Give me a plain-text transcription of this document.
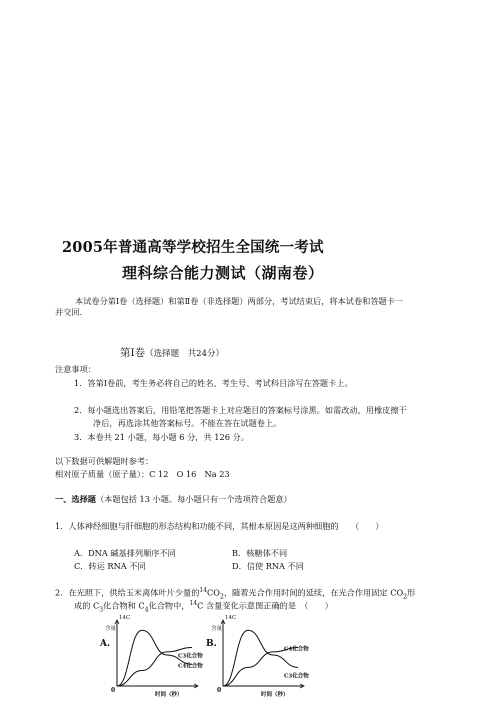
2005年普通高等学校招生全国统一考试
理科综合能力测试（湖南卷）

本试卷分第Ⅰ卷（选择题）和第Ⅱ卷（非选择题）两部分，考试结束后，将本试卷和答题卡一

并交回.
第Ⅰ卷（选择题　共24分）
注意事项：
1．答第Ⅰ卷前，考生务必将自己的姓名、考生号、考试科目涂写在答题卡上。
2．每小题选出答案后，用铅笔把答题卡上对应题目的答案标号涂黑。如需改动，用橡皮擦干
净后，再选涂其他答案标号。不能在答在试题卷上。
3．本卷共 21 小题，每小题 6 分，共 126 分。
以下数据可供解题时参考：
相对原子质量（原子量）：C 12　O 16　Na 23
一、选择题（本题包括 13 小题。每小题只有一个选项符合题意）
1．人体神经细胞与肝细胞的形态结构和功能不同，其根本原因是这两种细胞的　　（　　）
A．DNA 碱基排列顺序不同	B．核糖体不同
C．转运 RNA 不同	D．信使 RNA 不同
2．在光照下，供给玉米离体叶片少量的$^{14}CO_2$，随着光合作用时间的延续，在光合作用固定 $CO_2$形
成的 $C_3$化合物和 $C_4$化合物中，$^{14}$C 含量变化示意图正确的是　（　　）
A.
14C
含量
0
时间（秒）
C4化合物
C3化合物
B.
14C
含量
0
时间（秒）
C4化合物
C3化合物
